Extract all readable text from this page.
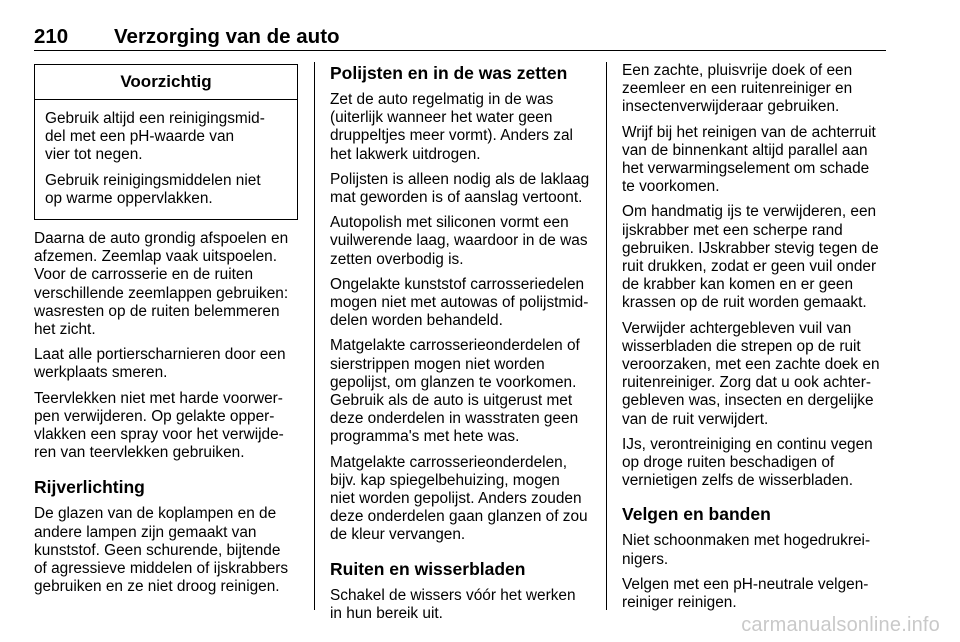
210 Verzorging van de auto
Voorzichtig

Gebruik altijd een reinigingsmid-
del met een pH-waarde van
vier tot negen.

Gebruik reinigingsmiddelen niet
op warme oppervlakken.

Daarna de auto grondig afspoelen en
afzemen. Zeemlap vaak uitspoelen.
Voor de carrosserie en de ruiten
verschillende zeemlappen gebruiken:
wasresten op de ruiten belemmeren
het zicht.

Laat alle portierscharnieren door een
werkplaats smeren.

Teervlekken niet met harde voorwer-
pen verwijderen. Op gelakte opper-
vlakken een spray voor het verwijde-
ren van teervlekken gebruiken.

Rijverlichting

De glazen van de koplampen en de
andere lampen zijn gemaakt van
kunststof. Geen schurende, bijtende
of agressieve middelen of ijskrabbers
gebruiken en ze niet droog reinigen.

Polijsten en in de was zetten

Zet de auto regelmatig in de was
(uiterlijk wanneer het water geen
druppeltjes meer vormt). Anders zal
het lakwerk uitdrogen.

Polijsten is alleen nodig als de laklaag
mat geworden is of aanslag vertoont.

Autopolish met siliconen vormt een
vuilwerende laag, waardoor in de was
zetten overbodig is.

Ongelakte kunststof carrosseriedelen
mogen niet met autowas of polijstmid-
delen worden behandeld.

Matgelakte carrosserieonderdelen of
sierstrippen mogen niet worden
gepolijst, om glanzen te voorkomen.
Gebruik als de auto is uitgerust met
deze onderdelen in wasstraten geen
programma's met hete was.

Matgelakte carrosserieonderdelen,
bijv. kap spiegelbehuizing, mogen
niet worden gepolijst. Anders zouden
deze onderdelen gaan glanzen of zou
de kleur vervangen.

Ruiten en wisserbladen

Schakel de wissers vóór het werken
in hun bereik uit.

Een zachte, pluisvrije doek of een
zeemleer en een ruitenreiniger en
insectenverwijderaar gebruiken.

Wrijf bij het reinigen van de achterruit
van de binnenkant altijd parallel aan
het verwarmingselement om schade
te voorkomen.

Om handmatig ijs te verwijderen, een
ijskrabber met een scherpe rand
gebruiken. IJskrabber stevig tegen de
ruit drukken, zodat er geen vuil onder
de krabber kan komen en er geen
krassen op de ruit worden gemaakt.

Verwijder achtergebleven vuil van
wisserbladen die strepen op de ruit
veroorzaken, met een zachte doek en
ruitenreiniger. Zorg dat u ook achter-
gebleven was, insecten en dergelijke
van de ruit verwijdert.

IJs, verontreiniging en continu vegen
op droge ruiten beschadigen of
vernietigen zelfs de wisserbladen.

Velgen en banden

Niet schoonmaken met hogedrukrei-
nigers.

Velgen met een pH-neutrale velgen-
reiniger reinigen.

carmanualsonline.info
